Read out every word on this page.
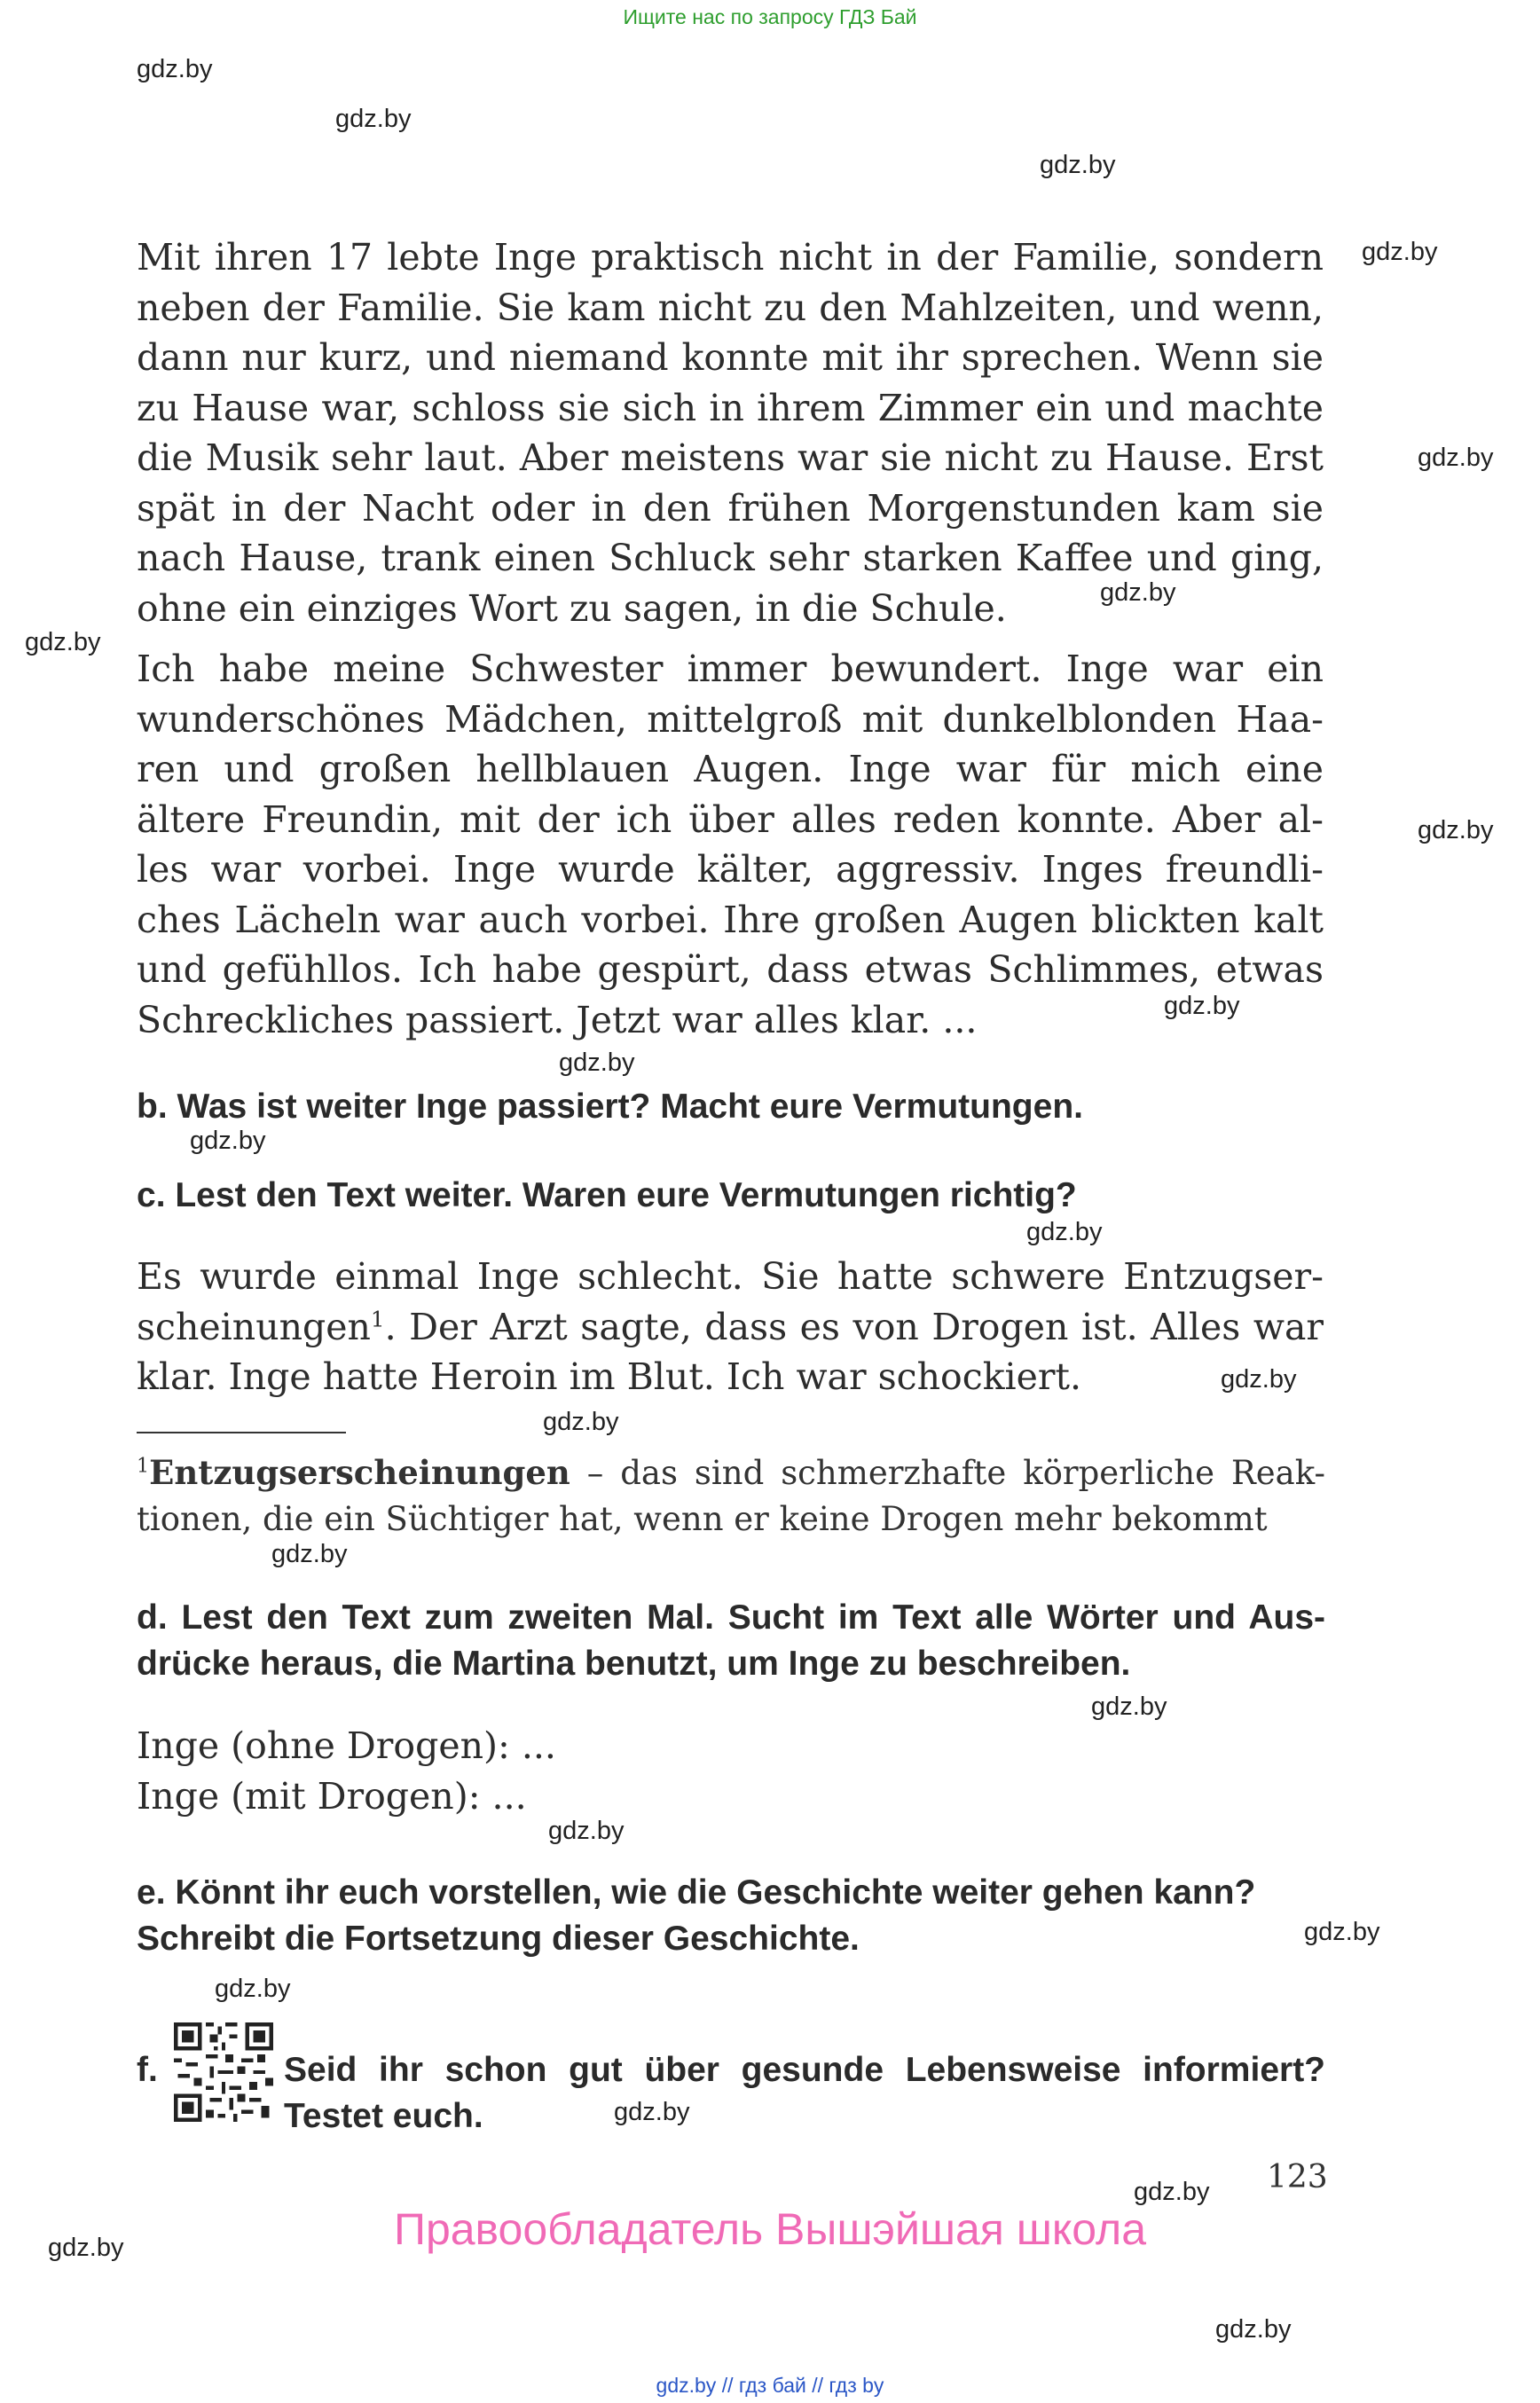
Ищите нас по запросу ГДЗ Бай
gdz.by
gdz.by
gdz.by
gdz.by
gdz.by
gdz.by
gdz.by
gdz.by
gdz.by
gdz.by
gdz.by
gdz.by
gdz.by
gdz.by
gdz.by
gdz.by
gdz.by
gdz.by
gdz.by
gdz.by
gdz.by
gdz.by
gdz.by
Mit ihren 17 lebte Inge praktisch nicht in der Familie, sondern
neben der Familie. Sie kam nicht zu den Mahlzeiten, und wenn,
dann nur kurz, und niemand konnte mit ihr sprechen. Wenn sie
zu Hause war, schloss sie sich in ihrem Zimmer ein und machte
die Musik sehr laut. Aber meistens war sie nicht zu Hause. Erst
spät in der Nacht oder in den frühen Morgenstunden kam sie
nach Hause, trank einen Schluck sehr starken Kaffee und ging,
ohne ein einziges Wort zu sagen, in die Schule.
Ich habe meine Schwester immer bewundert. Inge war ein
wunderschönes Mädchen, mittelgroß mit dunkelblonden Haa-
ren und großen hellblauen Augen. Inge war für mich eine
ältere Freundin, mit der ich über alles reden konnte. Aber al-
les war vorbei. Inge wurde kälter, aggressiv. Inges freundli-
ches Lächeln war auch vorbei. Ihre großen Augen blickten kalt
und gefühllos. Ich habe gespürt, dass etwas Schlimmes, etwas
Schreckliches passiert. Jetzt war alles klar. ...
b. Was ist weiter Inge passiert? Macht eure Vermutungen.
c. Lest den Text weiter. Waren eure Vermutungen richtig?
Es wurde einmal Inge schlecht. Sie hatte schwere Entzugser-
scheinungen$^1$. Der Arzt sagte, dass es von Drogen ist. Alles war
klar. Inge hatte Heroin im Blut. Ich war schockiert.
$^1$Entzugserscheinungen – das sind schmerzhafte körperliche Reak-
tionen, die ein Süchtiger hat, wenn er keine Drogen mehr bekommt
d. Lest den Text zum zweiten Mal. Sucht im Text alle Wörter und Aus-
drücke heraus, die Martina benutzt, um Inge zu beschreiben.
Inge (ohne Drogen): ...
Inge (mit Drogen): ...
e. Könnt ihr euch vorstellen, wie die Geschichte weiter gehen kann?
Schreibt die Fortsetzung dieser Geschichte.
f.	Seid ihr schon gut über gesunde Lebensweise informiert?
Testet euch.
123
Правообладатель Вышэйшая школа
gdz.by // гдз бай // гдз by
